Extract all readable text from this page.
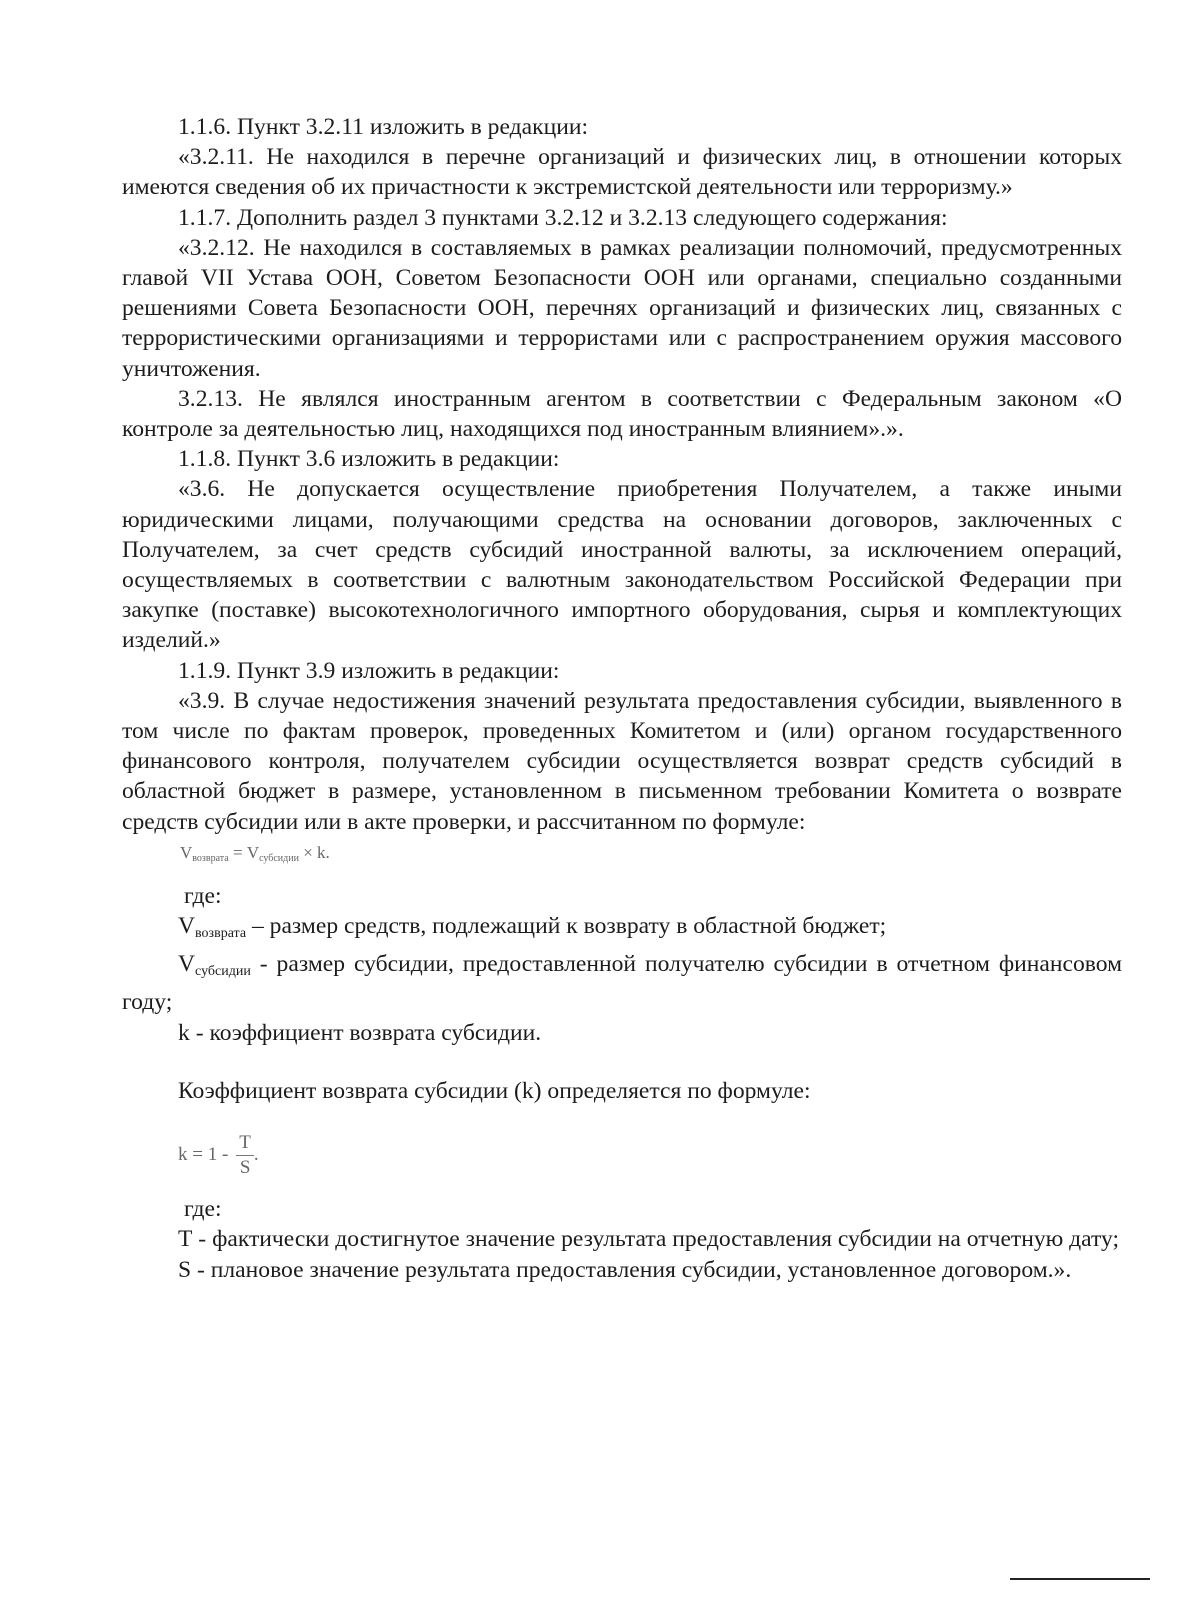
1.1.6. Пункт 3.2.11 изложить в редакции:

«3.2.11. Не находился в перечне организаций и физических лиц, в отношении которых имеются сведения об их причастности к экстремистской деятельности или терроризму.»

1.1.7. Дополнить раздел 3 пунктами 3.2.12 и 3.2.13 следующего содержания:

«3.2.12. Не находился в составляемых в рамках реализации полномочий, предусмотренных главой VII Устава ООН, Советом Безопасности ООН или органами, специально созданными решениями Совета Безопасности ООН, перечнях организаций и физических лиц, связанных с террористическими организациями и террористами или с распространением оружия массового уничтожения.

3.2.13. Не являлся иностранным агентом в соответствии с Федеральным законом «О контроле за деятельностью лиц, находящихся под иностранным влиянием».».

1.1.8. Пункт 3.6 изложить в редакции:

«3.6. Не допускается осуществление приобретения Получателем, а также иными юридическими лицами, получающими средства на основании договоров, заключенных с Получателем, за счет средств субсидий иностранной валюты, за исключением операций, осуществляемых в соответствии с валютным законодательством Российской Федерации при закупке (поставке) высокотехнологичного импортного оборудования, сырья и комплектующих изделий.»

1.1.9. Пункт 3.9 изложить в редакции:

«3.9. В случае недостижения значений результата предоставления субсидии, выявленного в том числе по фактам проверок, проведенных Комитетом и (или) органом государственного финансового контроля, получателем субсидии осуществляется возврат средств субсидий в областной бюджет в размере, установленном в письменном требовании Комитета о возврате средств субсидии или в акте проверки, и рассчитанном по формуле:

$V_{возврата} = V_{субсидии} \times k$.

где:

$V_{возврата}$ – размер средств, подлежащий к возврату в областной бюджет;

$V_{субсидии}$ - размер субсидии, предоставленной получателю субсидии в отчетном финансовом году;

k - коэффициент возврата субсидии.

Коэффициент возврата субсидии (k) определяется по формуле:

$k = 1 - \frac{T}{S}$ .

где:

Т - фактически достигнутое значение результата предоставления субсидии на отчетную дату;

S - плановое значение результата предоставления субсидии, установленное договором.».
